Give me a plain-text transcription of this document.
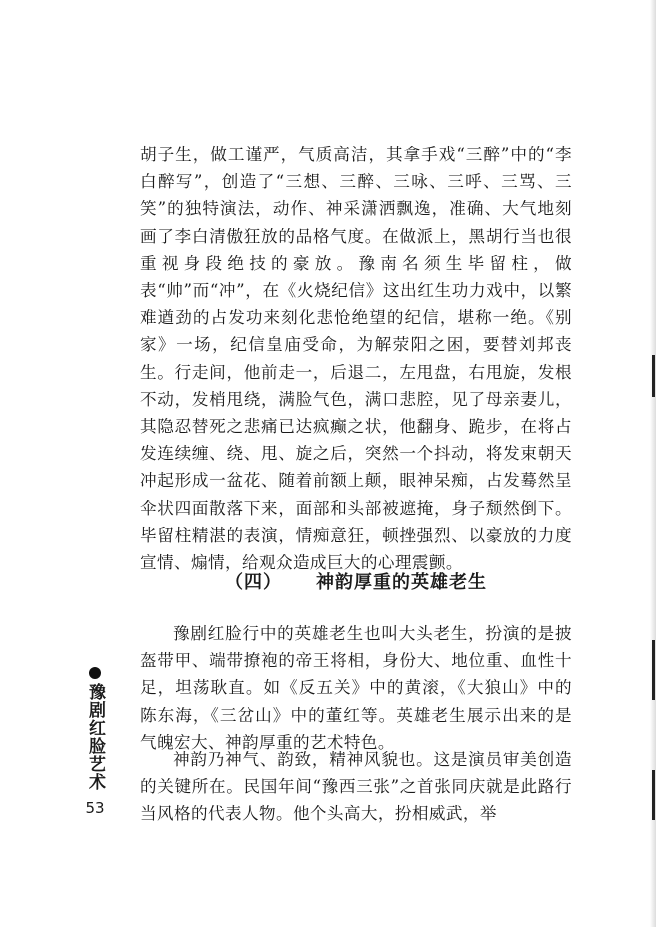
胡子生，做工谨严，气质高洁，其拿手戏“三醉”中的“李白醉写”，创造了“三想、三醉、三咏、三呼、三骂、三笑”的独特演法，动作、神采潇洒飘逸，准确、大气地刻画了李白清傲狂放的品格气度。在做派上，黑胡行当也很重视身段绝技的豪放。豫南名须生毕留柱，做表“帅”而“冲”，在《火烧纪信》这出红生功力戏中，以繁难遒劲的占发功来刻化悲怆绝望的纪信，堪称一绝。《别家》一场，纪信皇庙受命，为解荥阳之困，要替刘邦丧生。行走间，他前走一，后退二，左甩盘，右甩旋，发根不动，发梢甩绕，满脸气色，满口悲腔，见了母亲妻儿，其隐忍替死之悲痛已达疯癫之状，他翻身、跪步，在将占发连续缠、绕、甩、旋之后，突然一个抖动，将发束朝天冲起形成一盆花、随着前额上颠，眼神呆痴，占发蓦然呈伞状四面散落下来，面部和头部被遮掩，身子颓然倒下。毕留柱精湛的表演，情痴意狂，顿挫强烈、以豪放的力度宣情、煽情，给观众造成巨大的心理震颤。

（四） 神韵厚重的英雄老生

豫剧红脸行中的英雄老生也叫大头老生，扮演的是披盔带甲、端带撩袍的帝王将相，身份大、地位重、血性十足，坦荡耿直。如《反五关》中的黄滚，《大狼山》中的陈东海，《三岔山》中的董红等。英雄老生展示出来的是气魄宏大、神韵厚重的艺术特色。

神韵乃神气、韵致，精神风貌也。这是演员审美创造的关键所在。民国年间“豫西三张”之首张同庆就是此路行当风格的代表人物。他个头高大，扮相威武，举

豫剧红脸艺术
53
